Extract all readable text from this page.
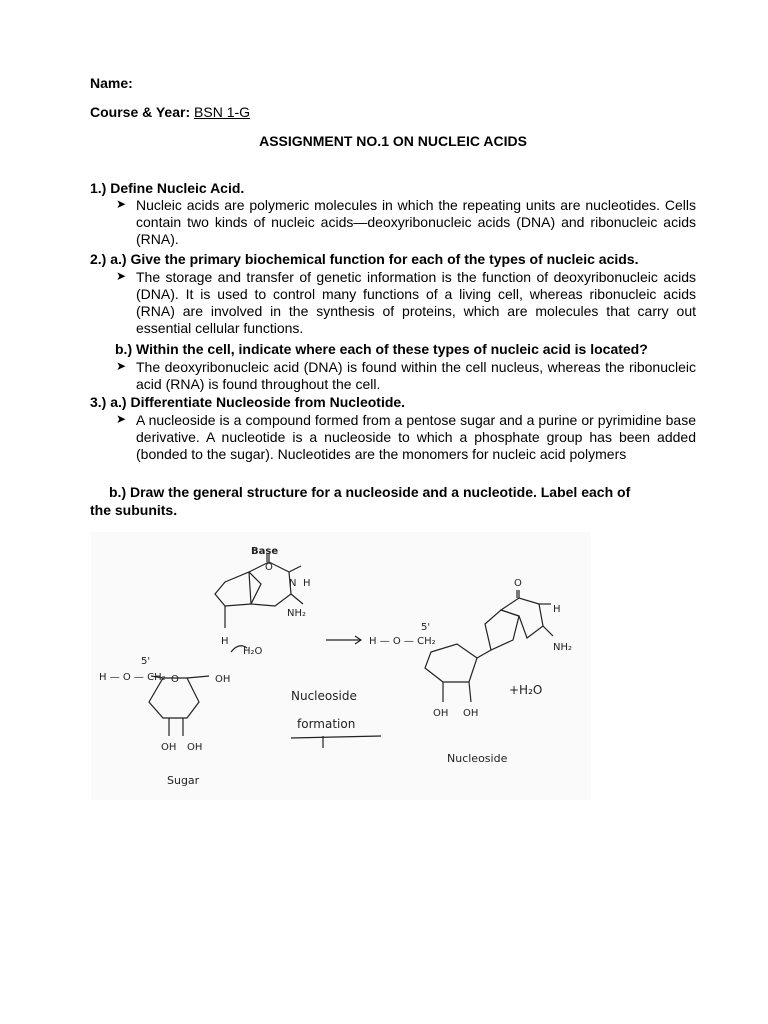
Name:
Course & Year: BSN 1-G
ASSIGNMENT NO.1 ON NUCLEIC ACIDS
1.) Define Nucleic Acid.
➤ Nucleic acids are polymeric molecules in which the repeating units are nucleotides. Cells contain two kinds of nucleic acids—deoxyribonucleic acids (DNA) and ribonucleic acids (RNA).
2.) a.) Give the primary biochemical function for each of the types of nucleic acids.
➤ The storage and transfer of genetic information is the function of deoxyribonucleic acids (DNA). It is used to control many functions of a living cell, whereas ribonucleic acids (RNA) are involved in the synthesis of proteins, which are molecules that carry out essential cellular functions.
b.) Within the cell, indicate where each of these types of nucleic acid is located?
➤ The deoxyribonucleic acid (DNA) is found within the cell nucleus, whereas the ribonucleic acid (RNA) is found throughout the cell.
3.) a.) Differentiate Nucleoside from Nucleotide.
➤ A nucleoside is a compound formed from a pentose sugar and a purine or pyrimidine base derivative. A nucleotide is a nucleoside to which a phosphate group has been added (bonded to the sugar). Nucleotides are the monomers for nucleic acid polymers
b.) Draw the general structure for a nucleoside and a nucleotide. Label each of
the subunits.
Base
O
N H
NH₂
H
H₂O
5'
H — O — CH₂ O	OH
OH OH
Sugar
Nucleoside
formation
H — O — CH₂
5'
O
H
NH₂
OH OH
+H₂O
Nucleoside
